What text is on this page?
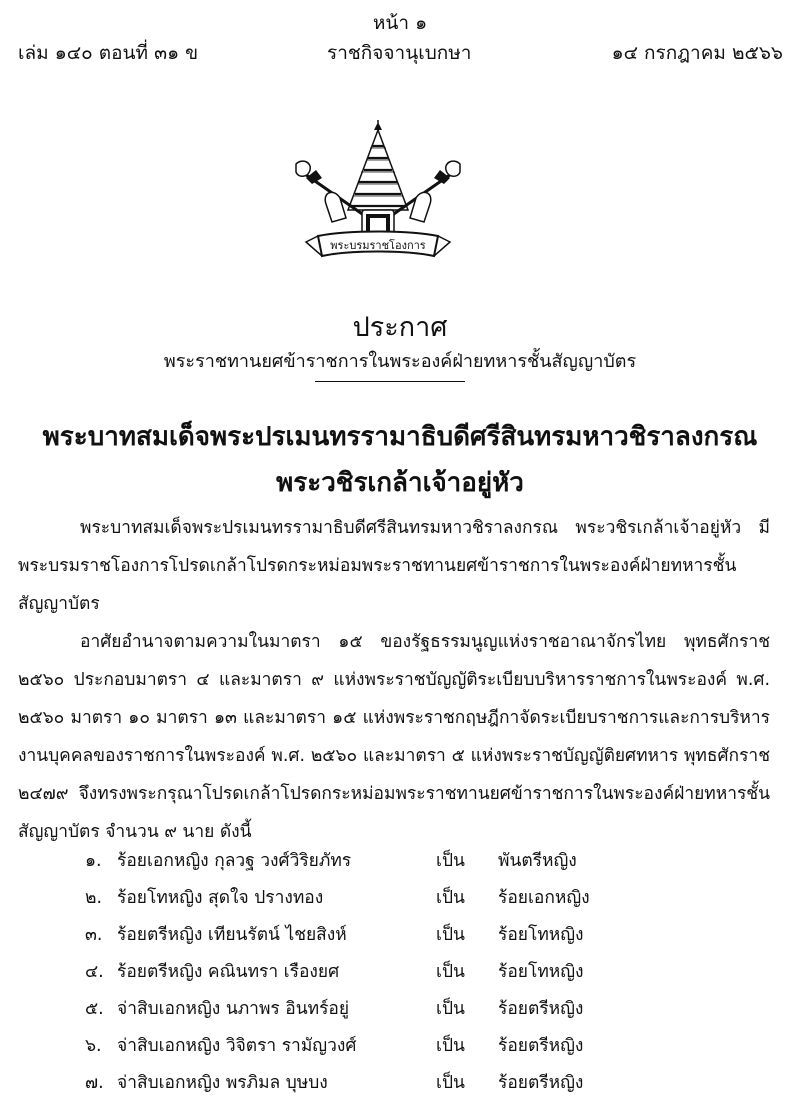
หน้า ๑
เล่ม ๑๔๐ ตอนที่ ๓๑ ข	ราชกิจจานุเบกษา	๑๔ กรกฎาคม ๒๕๖๖
พระบรมราชโองการ
ประกาศ
พระราชทานยศข้าราชการในพระองค์ฝ่ายทหารชั้นสัญญาบัตร
พระบาทสมเด็จพระปรเมนทรรามาธิบดีศรีสินทรมหาวชิราลงกรณ
พระวชิรเกล้าเจ้าอยู่หัว
พระบาทสมเด็จพระปรเมนทรรามาธิบดีศรีสินทรมหาวชิราลงกรณ พระวชิรเกล้าเจ้าอยู่หัว มีพระบรมราชโองการโปรดเกล้าโปรดกระหม่อมพระราชทานยศข้าราชการในพระองค์ฝ่ายทหารชั้นสัญญาบัตร
อาศัยอำนาจตามความในมาตรา ๑๕ ของรัฐธรรมนูญแห่งราชอาณาจักรไทย พุทธศักราช ๒๕๖๐ ประกอบมาตรา ๔ และมาตรา ๙ แห่งพระราชบัญญัติระเบียบบริหารราชการในพระองค์ พ.ศ. ๒๕๖๐ มาตรา ๑๐ มาตรา ๑๓ และมาตรา ๑๕ แห่งพระราชกฤษฎีกาจัดระเบียบราชการและการบริหารงานบุคคลของราชการในพระองค์ พ.ศ. ๒๕๖๐ และมาตรา ๕ แห่งพระราชบัญญัติยศทหาร พุทธศักราช ๒๔๗๙ จึงทรงพระกรุณาโปรดเกล้าโปรดกระหม่อมพระราชทานยศข้าราชการในพระองค์ฝ่ายทหารชั้นสัญญาบัตร จำนวน ๙ นาย ดังนี้
๑. ร้อยเอกหญิง กุลวฐ วงศ์วิริยภัทร	เป็น พันตรีหญิง
๒. ร้อยโทหญิง สุดใจ ปรางทอง	เป็น ร้อยเอกหญิง
๓. ร้อยตรีหญิง เทียนรัตน์ ไชยสิงห์	เป็น ร้อยโทหญิง
๔. ร้อยตรีหญิง คณินทรา เรืองยศ	เป็น ร้อยโทหญิง
๕. จ่าสิบเอกหญิง นภาพร อินทร์อยู่	เป็น ร้อยตรีหญิง
๖. จ่าสิบเอกหญิง วิจิตรา รามัญวงศ์	เป็น ร้อยตรีหญิง
๗. จ่าสิบเอกหญิง พรภิมล บุษบง	เป็น ร้อยตรีหญิง
